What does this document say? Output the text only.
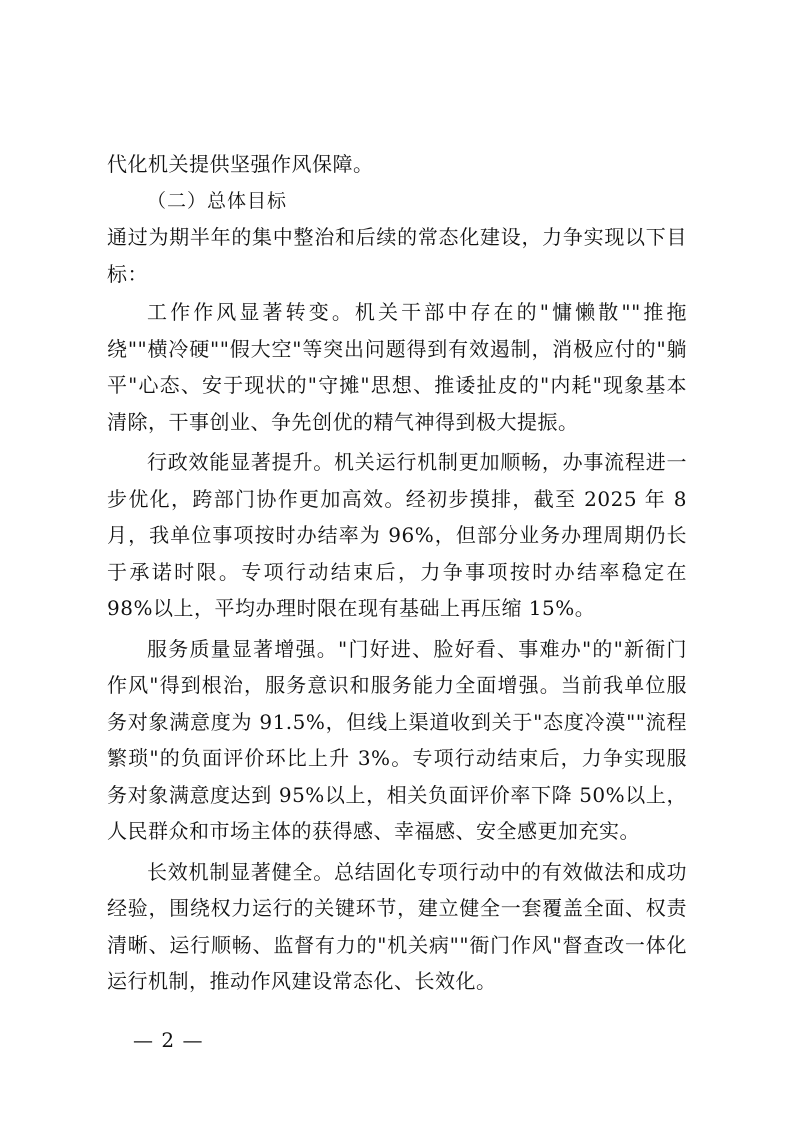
代化机关提供坚强作风保障。

（二）总体目标

通过为期半年的集中整治和后续的常态化建设，力争实现以下目标：

工作作风显著转变。机关干部中存在的"慵懒散""推拖绕""横冷硬""假大空"等突出问题得到有效遏制，消极应付的"躺平"心态、安于现状的"守摊"思想、推诿扯皮的"内耗"现象基本清除，干事创业、争先创优的精气神得到极大提振。

行政效能显著提升。机关运行机制更加顺畅，办事流程进一步优化，跨部门协作更加高效。经初步摸排，截至 2025 年 8 月，我单位事项按时办结率为 96%，但部分业务办理周期仍长于承诺时限。专项行动结束后，力争事项按时办结率稳定在 98%以上，平均办理时限在现有基础上再压缩 15%。

服务质量显著增强。"门好进、脸好看、事难办"的"新衙门作风"得到根治，服务意识和服务能力全面增强。当前我单位服务对象满意度为 91.5%，但线上渠道收到关于"态度冷漠""流程繁琐"的负面评价环比上升 3%。专项行动结束后，力争实现服务对象满意度达到 95%以上，相关负面评价率下降 50%以上，人民群众和市场主体的获得感、幸福感、安全感更加充实。

长效机制显著健全。总结固化专项行动中的有效做法和成功经验，围绕权力运行的关键环节，建立健全一套覆盖全面、权责清晰、运行顺畅、监督有力的"机关病""衙门作风"督查改一体化运行机制，推动作风建设常态化、长效化。

— 2 —
